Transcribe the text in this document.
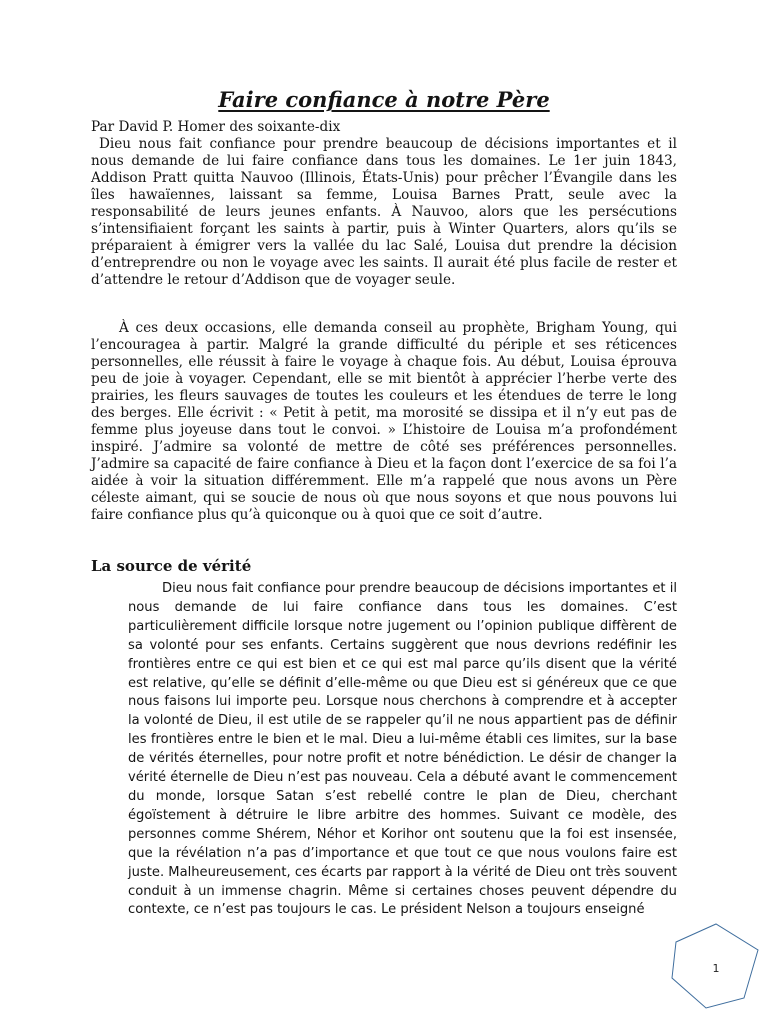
Faire confiance à notre Père

Par David P. Homer des soixante-dix

Dieu nous fait confiance pour prendre beaucoup de décisions importantes et il nous demande de lui faire confiance dans tous les domaines. Le 1er juin 1843, Addison Pratt quitta Nauvoo (Illinois, États-Unis) pour prêcher l’Évangile dans les îles hawaïennes, laissant sa femme, Louisa Barnes Pratt, seule avec la responsabilité de leurs jeunes enfants. À Nauvoo, alors que les persécutions s’intensifiaient forçant les saints à partir, puis à Winter Quarters, alors qu’ils se préparaient à émigrer vers la vallée du lac Salé, Louisa dut prendre la décision d’entreprendre ou non le voyage avec les saints. Il aurait été plus facile de rester et d’attendre le retour d’Addison que de voyager seule.

À ces deux occasions, elle demanda conseil au prophète, Brigham Young, qui l’encouragea à partir. Malgré la grande difficulté du périple et ses réticences personnelles, elle réussit à faire le voyage à chaque fois. Au début, Louisa éprouva peu de joie à voyager. Cependant, elle se mit bientôt à apprécier l’herbe verte des prairies, les fleurs sauvages de toutes les couleurs et les étendues de terre le long des berges. Elle écrivit : « Petit à petit, ma morosité se dissipa et il n’y eut pas de femme plus joyeuse dans tout le convoi. » L’histoire de Louisa m’a profondément inspiré. J’admire sa volonté de mettre de côté ses préférences personnelles. J’admire sa capacité de faire confiance à Dieu et la façon dont l’exercice de sa foi l’a aidée à voir la situation différemment. Elle m’a rappelé que nous avons un Père céleste aimant, qui se soucie de nous où que nous soyons et que nous pouvons lui faire confiance plus qu’à quiconque ou à quoi que ce soit d’autre.

La source de vérité

Dieu nous fait confiance pour prendre beaucoup de décisions importantes et il nous demande de lui faire confiance dans tous les domaines. C’est particulièrement difficile lorsque notre jugement ou l’opinion publique diffèrent de sa volonté pour ses enfants. Certains suggèrent que nous devrions redéfinir les frontières entre ce qui est bien et ce qui est mal parce qu’ils disent que la vérité est relative, qu’elle se définit d’elle-même ou que Dieu est si généreux que ce que nous faisons lui importe peu. Lorsque nous cherchons à comprendre et à accepter la volonté de Dieu, il est utile de se rappeler qu’il ne nous appartient pas de définir les frontières entre le bien et le mal. Dieu a lui-même établi ces limites, sur la base de vérités éternelles, pour notre profit et notre bénédiction. Le désir de changer la vérité éternelle de Dieu n’est pas nouveau. Cela a débuté avant le commencement du monde, lorsque Satan s’est rebellé contre le plan de Dieu, cherchant égoïstement à détruire le libre arbitre des hommes. Suivant ce modèle, des personnes comme Shérem, Néhor et Korihor ont soutenu que la foi est insensée, que la révélation n’a pas d’importance et que tout ce que nous voulons faire est juste. Malheureusement, ces écarts par rapport à la vérité de Dieu ont très souvent conduit à un immense chagrin. Même si certaines choses peuvent dépendre du contexte, ce n’est pas toujours le cas. Le président Nelson a toujours enseigné

1
